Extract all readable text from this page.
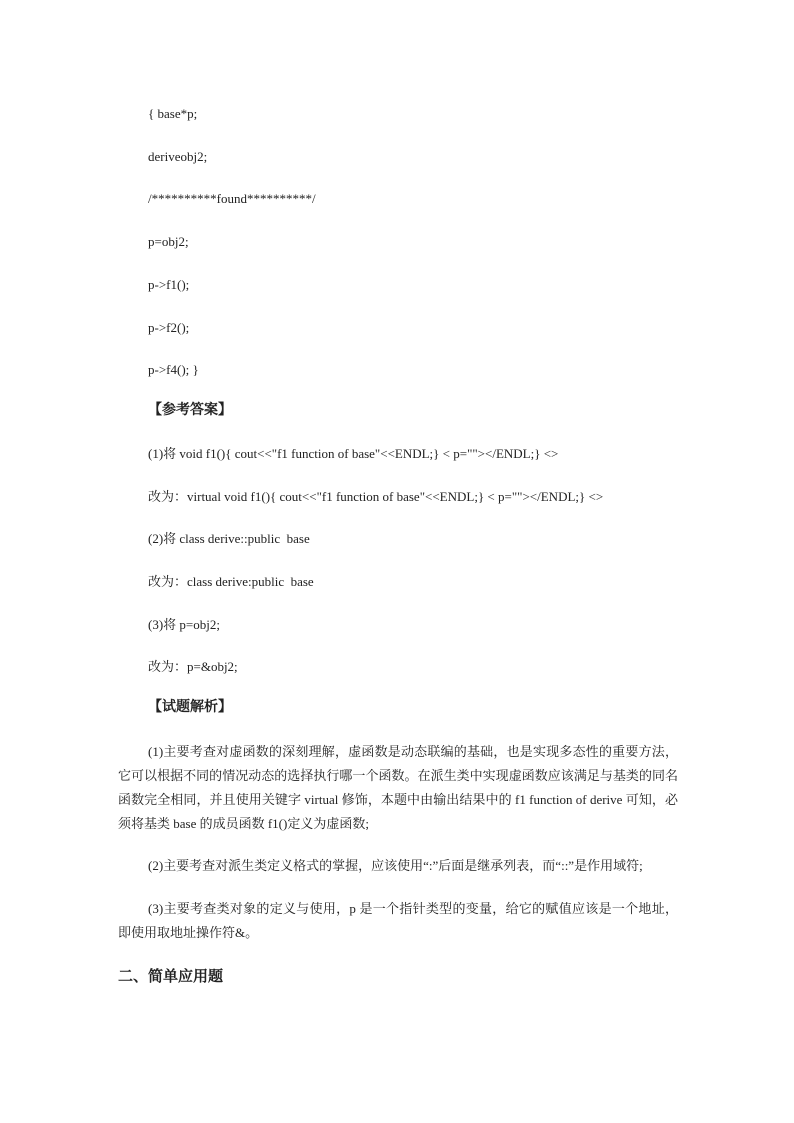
{ base*p;
deriveobj2;
/**********found**********/
p=obj2;
p->f1();
p->f2();
p->f4(); }
【参考答案】
(1)将 void f1(){ cout<<"f1 function of base"<<ENDL;} < p=""></ENDL;} <>
改为：virtual void f1(){ cout<<"f1 function of base"<<ENDL;} < p=""></ENDL;} <>
(2)将 class derive::public  base
改为：class derive:public  base
(3)将 p=obj2;
改为：p=&obj2;
【试题解析】

(1)主要考查对虚函数的深刻理解，虚函数是动态联编的基础，也是实现多态性的重要方法，它可以根据不同的情况动态的选择执行哪一个函数。在派生类中实现虚函数应该满足与基类的同名函数完全相同，并且使用关键字 virtual 修饰，本题中由输出结果中的 f1 function of derive 可知，必须将基类 base 的成员函数 f1()定义为虚函数;

(2)主要考查对派生类定义格式的掌握，应该使用“:”后面是继承列表，而“::”是作用域符;

(3)主要考查类对象的定义与使用，p 是一个指针类型的变量，给它的赋值应该是一个地址，即使用取地址操作符&。

二、简单应用题
